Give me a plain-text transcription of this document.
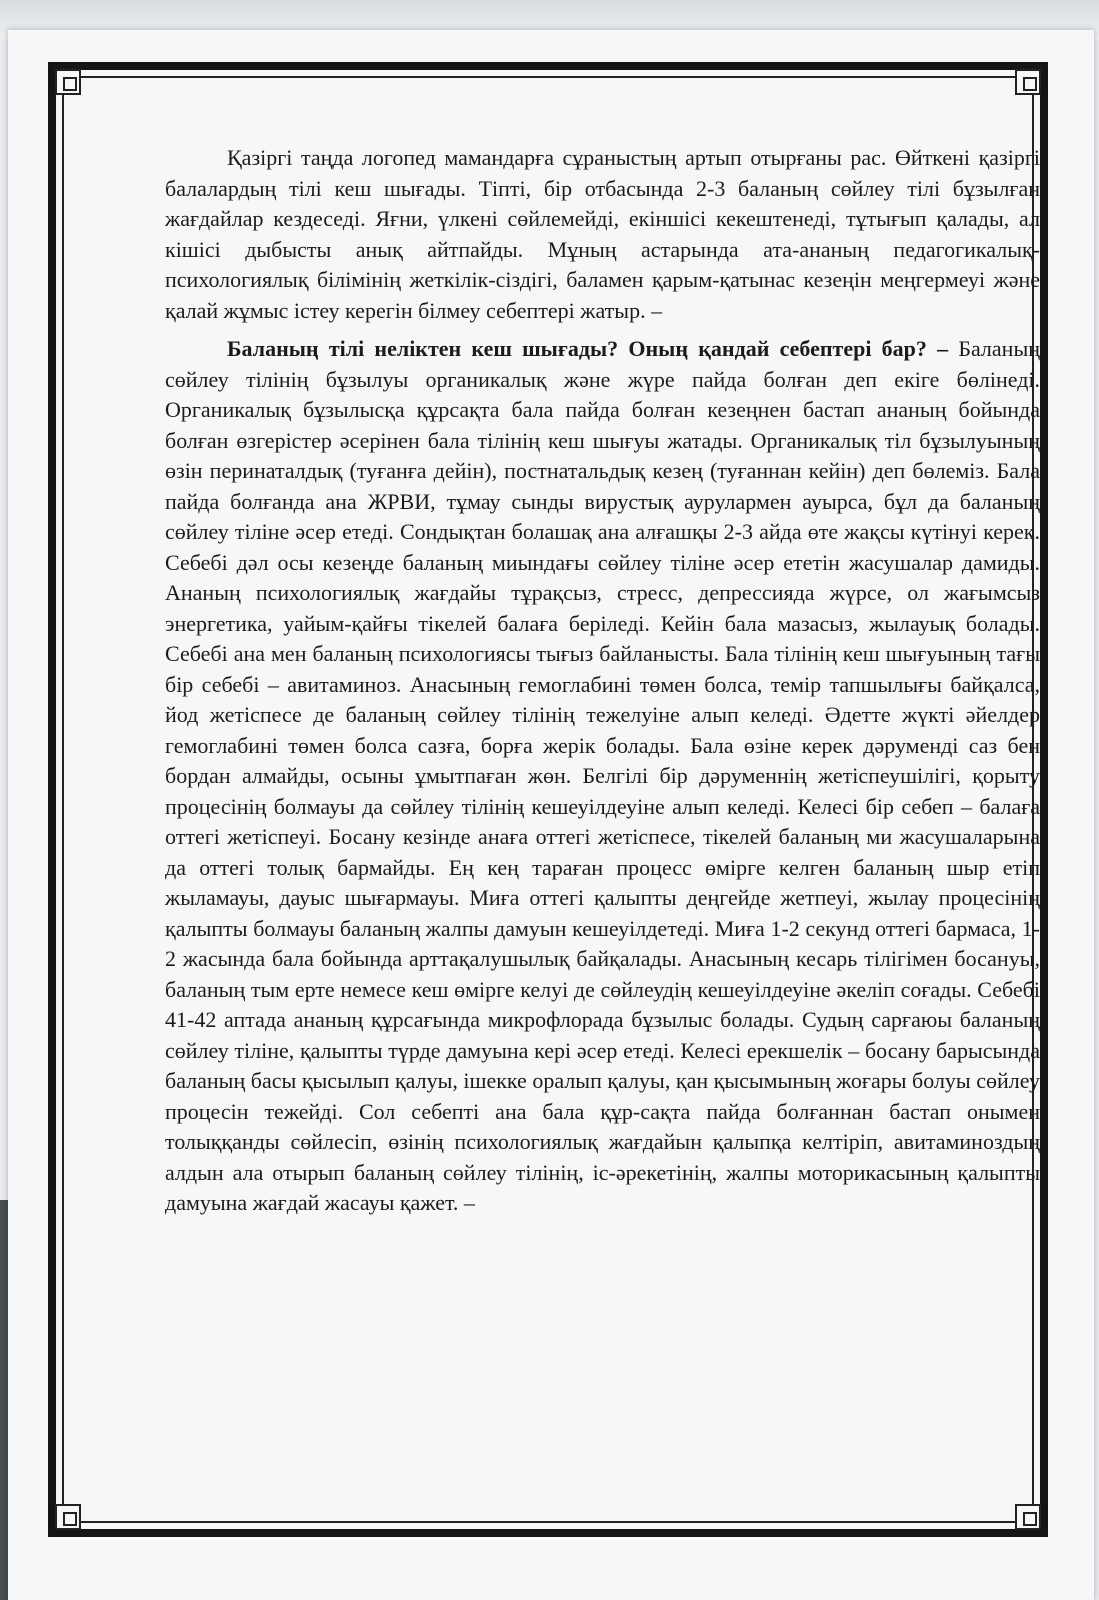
Қазіргі таңда логопед мамандарға сұраныстың артып отырғаны рас. Өйткені қазіргі балалардың тілі кеш шығады. Тіпті, бір отбасында 2-3 баланың сөйлеу тілі бұзылған жағдайлар кездеседі. Яғни, үлкені сөйлемейді, екіншісі кекештенеді, тұтығып қалады, ал кішісі дыбысты анық айтпайды. Мұның астарында ата-ананың педагогикалық-психологиялық білімінің жеткілік-сіздігі, баламен қарым-қатынас кезеңін меңгермеуі және қалай жұмыс істеу керегін білмеу себептері жатыр. –

Баланың тілі неліктен кеш шығады? Оның қандай себептері бар? – Баланың сөйлеу тілінің бұзылуы органикалық және жүре пайда болған деп екіге бөлінеді. Органикалық бұзылысқа құрсақта бала пайда болған кезеңнен бастап ананың бойында болған өзгерістер әсерінен бала тілінің кеш шығуы жатады. Органикалық тіл бұзылуының өзін перинаталдық (туғанға дейін), постнатальдық кезең (туғаннан кейін) деп бөлеміз. Бала пайда болғанда ана ЖРВИ, тұмау сынды вирустық аурулармен ауырса, бұл да баланың сөйлеу тіліне әсер етеді. Сондықтан болашақ ана алғашқы 2-3 айда өте жақсы күтінуі керек. Себебі дәл осы кезеңде баланың миындағы сөйлеу тіліне әсер ететін жасушалар дамиды. Ананың психологиялық жағдайы тұрақсыз, стресс, депрессияда жүрсе, ол жағымсыз энергетика, уайым-қайғы тікелей балаға беріледі. Кейін бала мазасыз, жылауық болады. Себебі ана мен баланың психологиясы тығыз байланысты. Бала тілінің кеш шығуының тағы бір себебі – авитаминоз. Анасының гемоглабині төмен болса, темір тапшылығы байқалса, йод жетіспесе де баланың сөйлеу тілінің тежелуіне алып келеді. Әдетте жүкті әйелдер гемоглабині төмен болса сазға, борға жерік болады. Бала өзіне керек дәруменді саз бен бордан алмайды, осыны ұмытпаған жөн. Белгілі бір дәруменнің жетіспеушілігі, қорыту процесінің болмауы да сөйлеу тілінің кешеуілдеуіне алып келеді. Келесі бір себеп – балаға оттегі жетіспеуі. Босану кезінде анаға оттегі жетіспесе, тікелей баланың ми жасушаларына да оттегі толық бармайды. Ең кең тараған процесс өмірге келген баланың шыр етіп жыламауы, дауыс шығармауы. Миға оттегі қалыпты деңгейде жетпеуі, жылау процесінің қалыпты болмауы баланың жалпы дамуын кешеуілдетеді. Миға 1-2 секунд оттегі бармаса, 1-2 жасында бала бойында арттақалушылық байқалады. Анасының кесарь тілігімен босануы, баланың тым ерте немесе кеш өмірге келуі де сөйлеудің кешеуілдеуіне әкеліп соғады. Себебі 41-42 аптада ананың құрсағында микрофлорада бұзылыс болады. Судың сарғаюы баланың сөйлеу тіліне, қалыпты түрде дамуына кері әсер етеді. Келесі ерекшелік – босану барысында баланың басы қысылып қалуы, ішекке оралып қалуы, қан қысымының жоғары болуы сөйлеу процесін тежейді. Сол себепті ана бала құр-сақта пайда болғаннан бастап онымен толыққанды сөйлесіп, өзінің психологиялық жағдайын қалыпқа келтіріп, авитаминоздың алдын ала отырып баланың сөйлеу тілінің, іс-әрекетінің, жалпы моторикасының қалыпты дамуына жағдай жасауы қажет. –
